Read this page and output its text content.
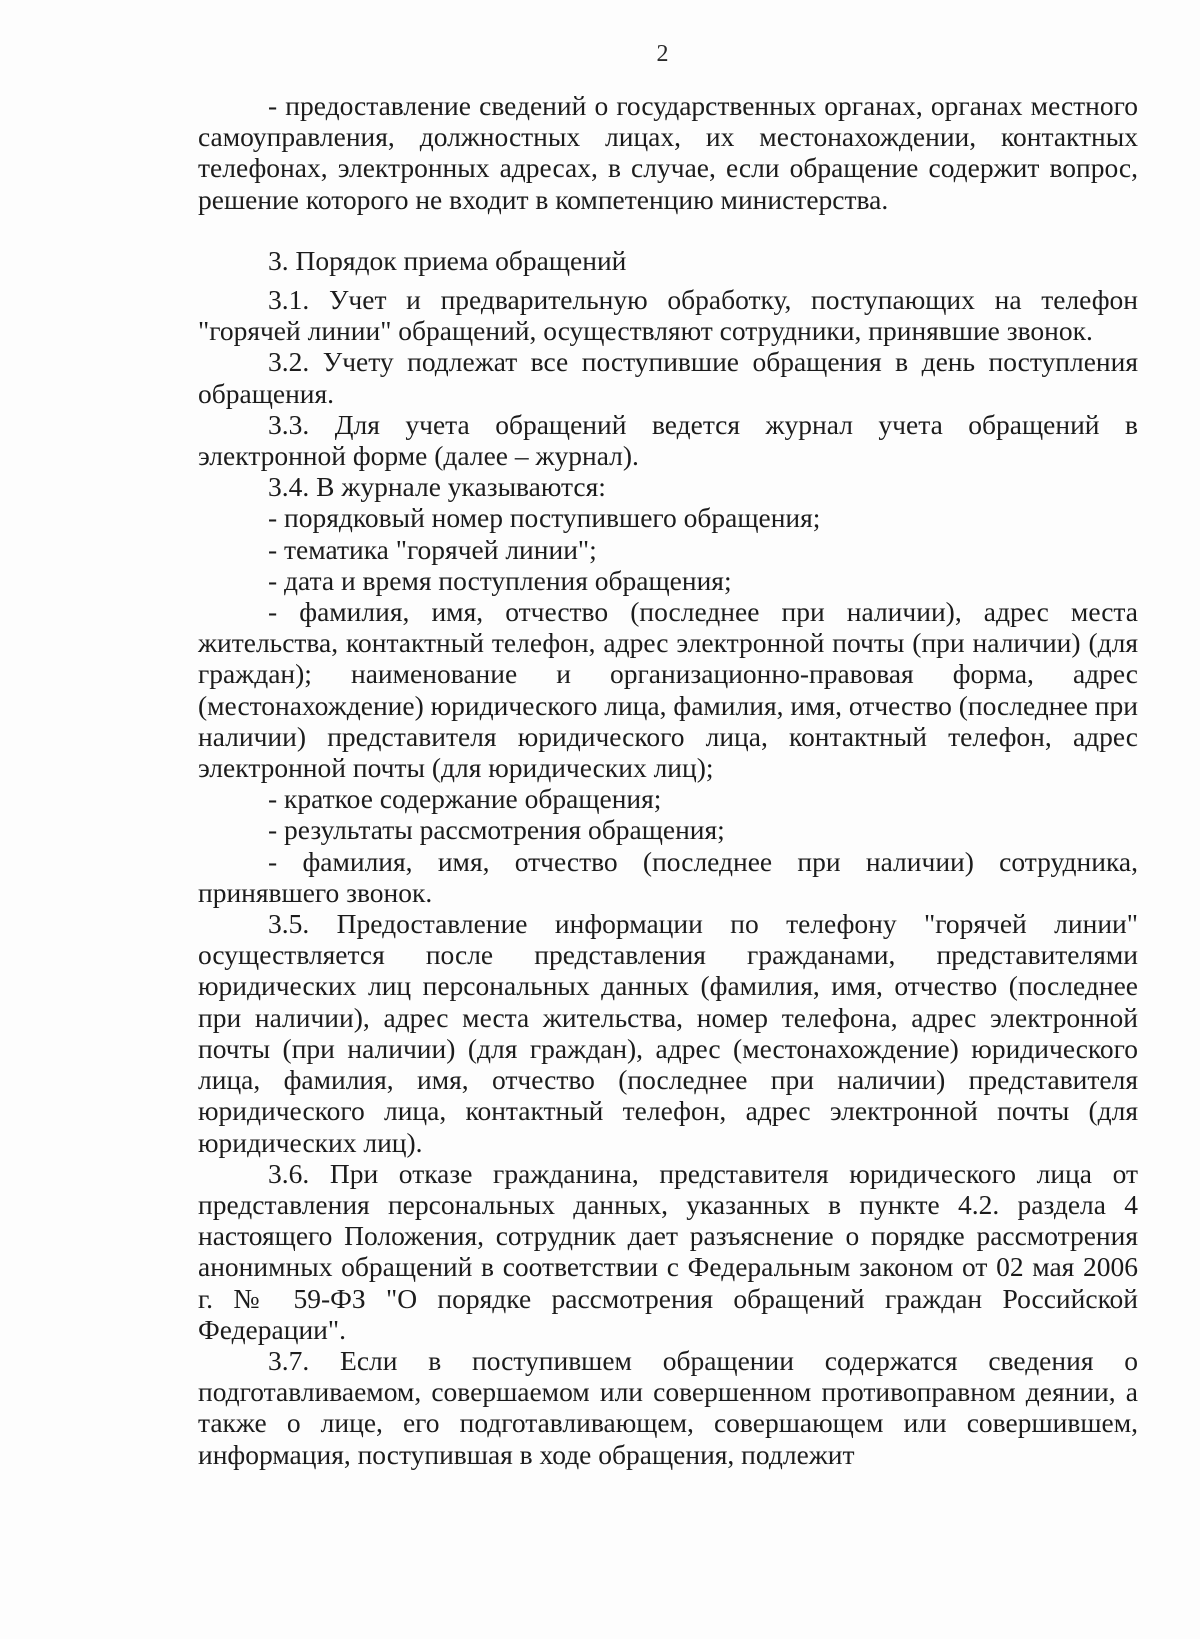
2

- предоставление сведений о государственных органах, органах местного самоуправления, должностных лицах, их местонахождении, контактных телефонах, электронных адресах, в случае, если обращение содержит вопрос, решение которого не входит в компетенцию министерства.

3. Порядок приема обращений

3.1. Учет и предварительную обработку, поступающих на телефон "горячей линии" обращений, осуществляют сотрудники, принявшие звонок.

3.2. Учету подлежат все поступившие обращения в день поступления обращения.

3.3. Для учета обращений ведется журнал учета обращений в электронной форме (далее – журнал).

3.4. В журнале указываются:

- порядковый номер поступившего обращения;

- тематика "горячей линии";

- дата и время поступления обращения;

- фамилия, имя, отчество (последнее при наличии), адрес места жительства, контактный телефон, адрес электронной почты (при наличии) (для граждан); наименование и организационно-правовая форма, адрес (местонахождение) юридического лица, фамилия, имя, отчество (последнее при наличии) представителя юридического лица, контактный телефон, адрес электронной почты (для юридических лиц);

- краткое содержание обращения;

- результаты рассмотрения обращения;

- фамилия, имя, отчество (последнее при наличии) сотрудника, принявшего звонок.

3.5. Предоставление информации по телефону "горячей линии" осуществляется после представления гражданами, представителями юридических лиц персональных данных (фамилия, имя, отчество (последнее при наличии), адрес места жительства, номер телефона, адрес электронной почты (при наличии) (для граждан), адрес (местонахождение) юридического лица, фамилия, имя, отчество (последнее при наличии) представителя юридического лица, контактный телефон, адрес электронной почты (для юридических лиц).

3.6. При отказе гражданина, представителя юридического лица от представления персональных данных, указанных в пункте 4.2. раздела 4 настоящего Положения, сотрудник дает разъяснение о порядке рассмотрения анонимных обращений в соответствии с Федеральным законом от 02 мая 2006 г. № 59-ФЗ "О порядке рассмотрения обращений граждан Российской Федерации".

3.7. Если в поступившем обращении содержатся сведения о подготавливаемом, совершаемом или совершенном противоправном деянии, а также о лице, его подготавливающем, совершающем или совершившем, информация, поступившая в ходе обращения, подлежит
